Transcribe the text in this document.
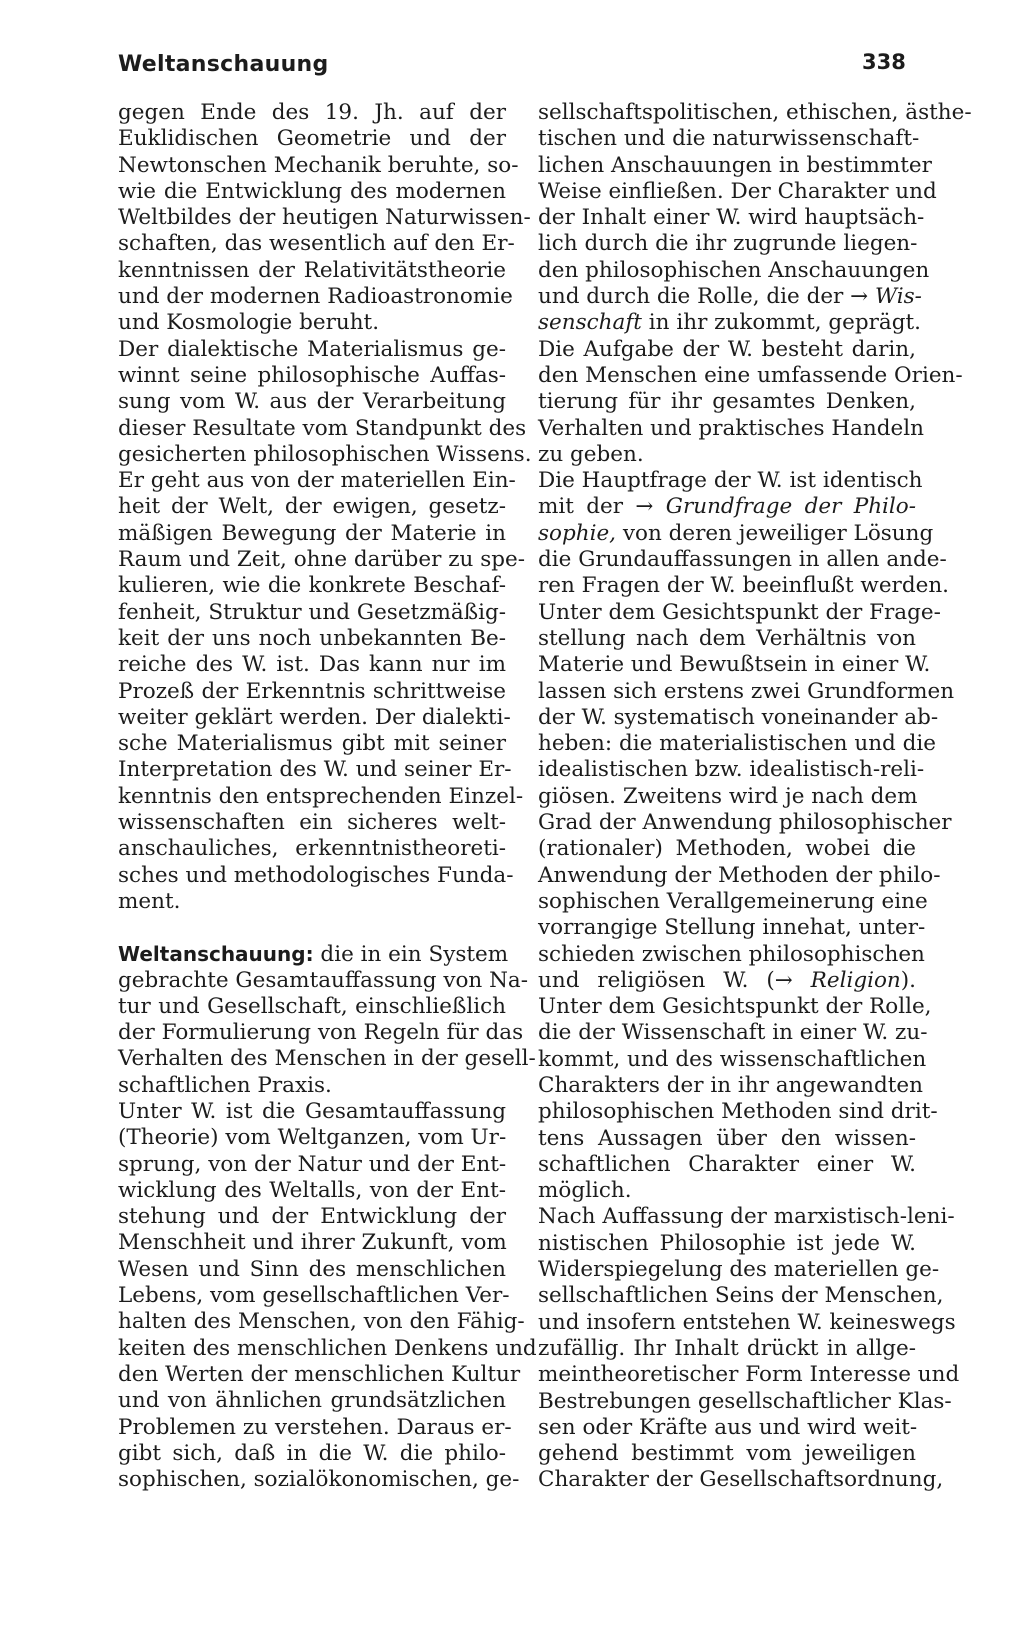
Weltanschauung	338
gegen Ende des 19. Jh. auf der
Euklidischen Geometrie und der
Newtonschen Mechanik beruhte, so-
wie die Entwicklung des modernen
Weltbildes der heutigen Naturwissen-
schaften, das wesentlich auf den Er-
kenntnissen der Relativitätstheorie
und der modernen Radioastronomie
und Kosmologie beruht.
Der dialektische Materialismus ge-
winnt seine philosophische Auffas-
sung vom W. aus der Verarbeitung
dieser Resultate vom Standpunkt des
gesicherten philosophischen Wissens.
Er geht aus von der materiellen Ein-
heit der Welt, der ewigen, gesetz-
mäßigen Bewegung der Materie in
Raum und Zeit, ohne darüber zu spe-
kulieren, wie die konkrete Beschaf-
fenheit, Struktur und Gesetzmäßig-
keit der uns noch unbekannten Be-
reiche des W. ist. Das kann nur im
Prozeß der Erkenntnis schrittweise
weiter geklärt werden. Der dialekti-
sche Materialismus gibt mit seiner
Interpretation des W. und seiner Er-
kenntnis den entsprechenden Einzel-
wissenschaften ein sicheres welt-
anschauliches, erkenntnistheoreti-
sches und methodologisches Funda-
ment.
Weltanschauung: die in ein System
gebrachte Gesamtauffassung von Na-
tur und Gesellschaft, einschließlich
der Formulierung von Regeln für das
Verhalten des Menschen in der gesell-
schaftlichen Praxis.
Unter W. ist die Gesamtauffassung
(Theorie) vom Weltganzen, vom Ur-
sprung, von der Natur und der Ent-
wicklung des Weltalls, von der Ent-
stehung und der Entwicklung der
Menschheit und ihrer Zukunft, vom
Wesen und Sinn des menschlichen
Lebens, vom gesellschaftlichen Ver-
halten des Menschen, von den Fähig-
keiten des menschlichen Denkens und
den Werten der menschlichen Kultur
und von ähnlichen grundsätzlichen
Problemen zu verstehen. Daraus er-
gibt sich, daß in die W. die philo-
sophischen, sozialökonomischen, ge-
sellschaftspolitischen, ethischen, ästhe-
tischen und die naturwissenschaft-
lichen Anschauungen in bestimmter
Weise einfließen. Der Charakter und
der Inhalt einer W. wird hauptsäch-
lich durch die ihr zugrunde liegen-
den philosophischen Anschauungen
und durch die Rolle, die der → Wis-
senschaft in ihr zukommt, geprägt.
Die Aufgabe der W. besteht darin,
den Menschen eine umfassende Orien-
tierung für ihr gesamtes Denken,
Verhalten und praktisches Handeln
zu geben.
Die Hauptfrage der W. ist identisch
mit der → Grundfrage der Philo-
sophie, von deren jeweiliger Lösung
die Grundauffassungen in allen ande-
ren Fragen der W. beeinflußt werden.
Unter dem Gesichtspunkt der Frage-
stellung nach dem Verhältnis von
Materie und Bewußtsein in einer W.
lassen sich erstens zwei Grundformen
der W. systematisch voneinander ab-
heben: die materialistischen und die
idealistischen bzw. idealistisch-reli-
giösen. Zweitens wird je nach dem
Grad der Anwendung philosophischer
(rationaler) Methoden, wobei die
Anwendung der Methoden der philo-
sophischen Verallgemeinerung eine
vorrangige Stellung innehat, unter-
schieden zwischen philosophischen
und religiösen W. (→ Religion).
Unter dem Gesichtspunkt der Rolle,
die der Wissenschaft in einer W. zu-
kommt, und des wissenschaftlichen
Charakters der in ihr angewandten
philosophischen Methoden sind drit-
tens Aussagen über den wissen-
schaftlichen Charakter einer W.
möglich.
Nach Auffassung der marxistisch-leni-
nistischen Philosophie ist jede W.
Widerspiegelung des materiellen ge-
sellschaftlichen Seins der Menschen,
und insofern entstehen W. keineswegs
zufällig. Ihr Inhalt drückt in allge-
meintheoretischer Form Interesse und
Bestrebungen gesellschaftlicher Klas-
sen oder Kräfte aus und wird weit-
gehend bestimmt vom jeweiligen
Charakter der Gesellschaftsordnung,
